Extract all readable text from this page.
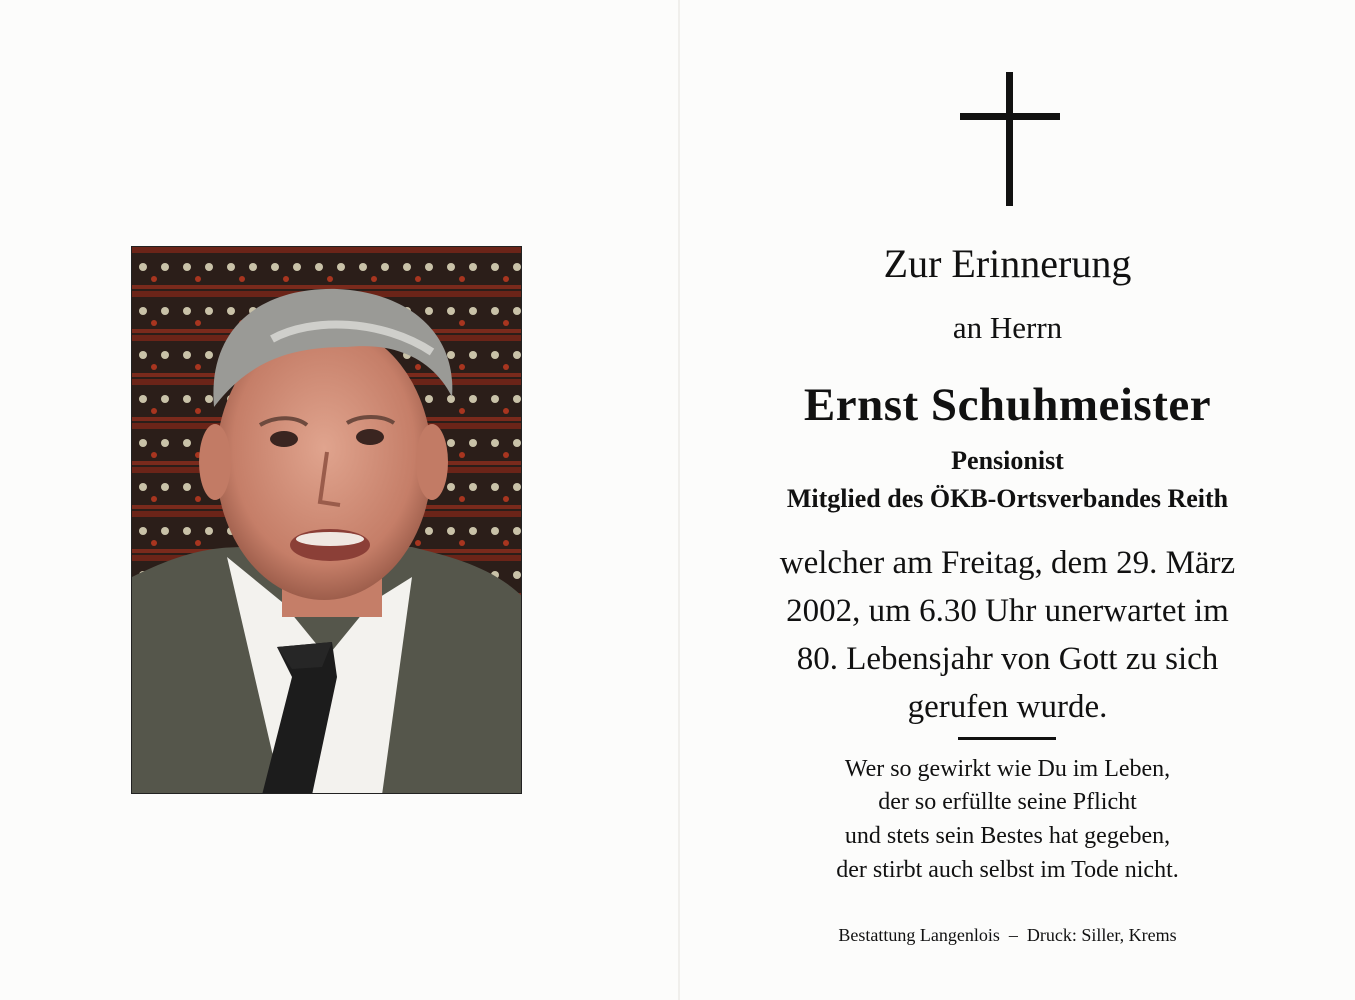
Zur Erinnerung
an Herrn
Ernst Schuhmeister
Pensionist
Mitglied des ÖKB-Ortsverbandes Reith
welcher am Freitag, dem 29. März
2002, um 6.30 Uhr unerwartet im
80. Lebensjahr von Gott zu sich
gerufen wurde.
Wer so gewirkt wie Du im Leben,
der so erfüllte seine Pflicht
und stets sein Bestes hat gegeben,
der stirbt auch selbst im Tode nicht.
Bestattung Langenlois  –  Druck: Siller, Krems
